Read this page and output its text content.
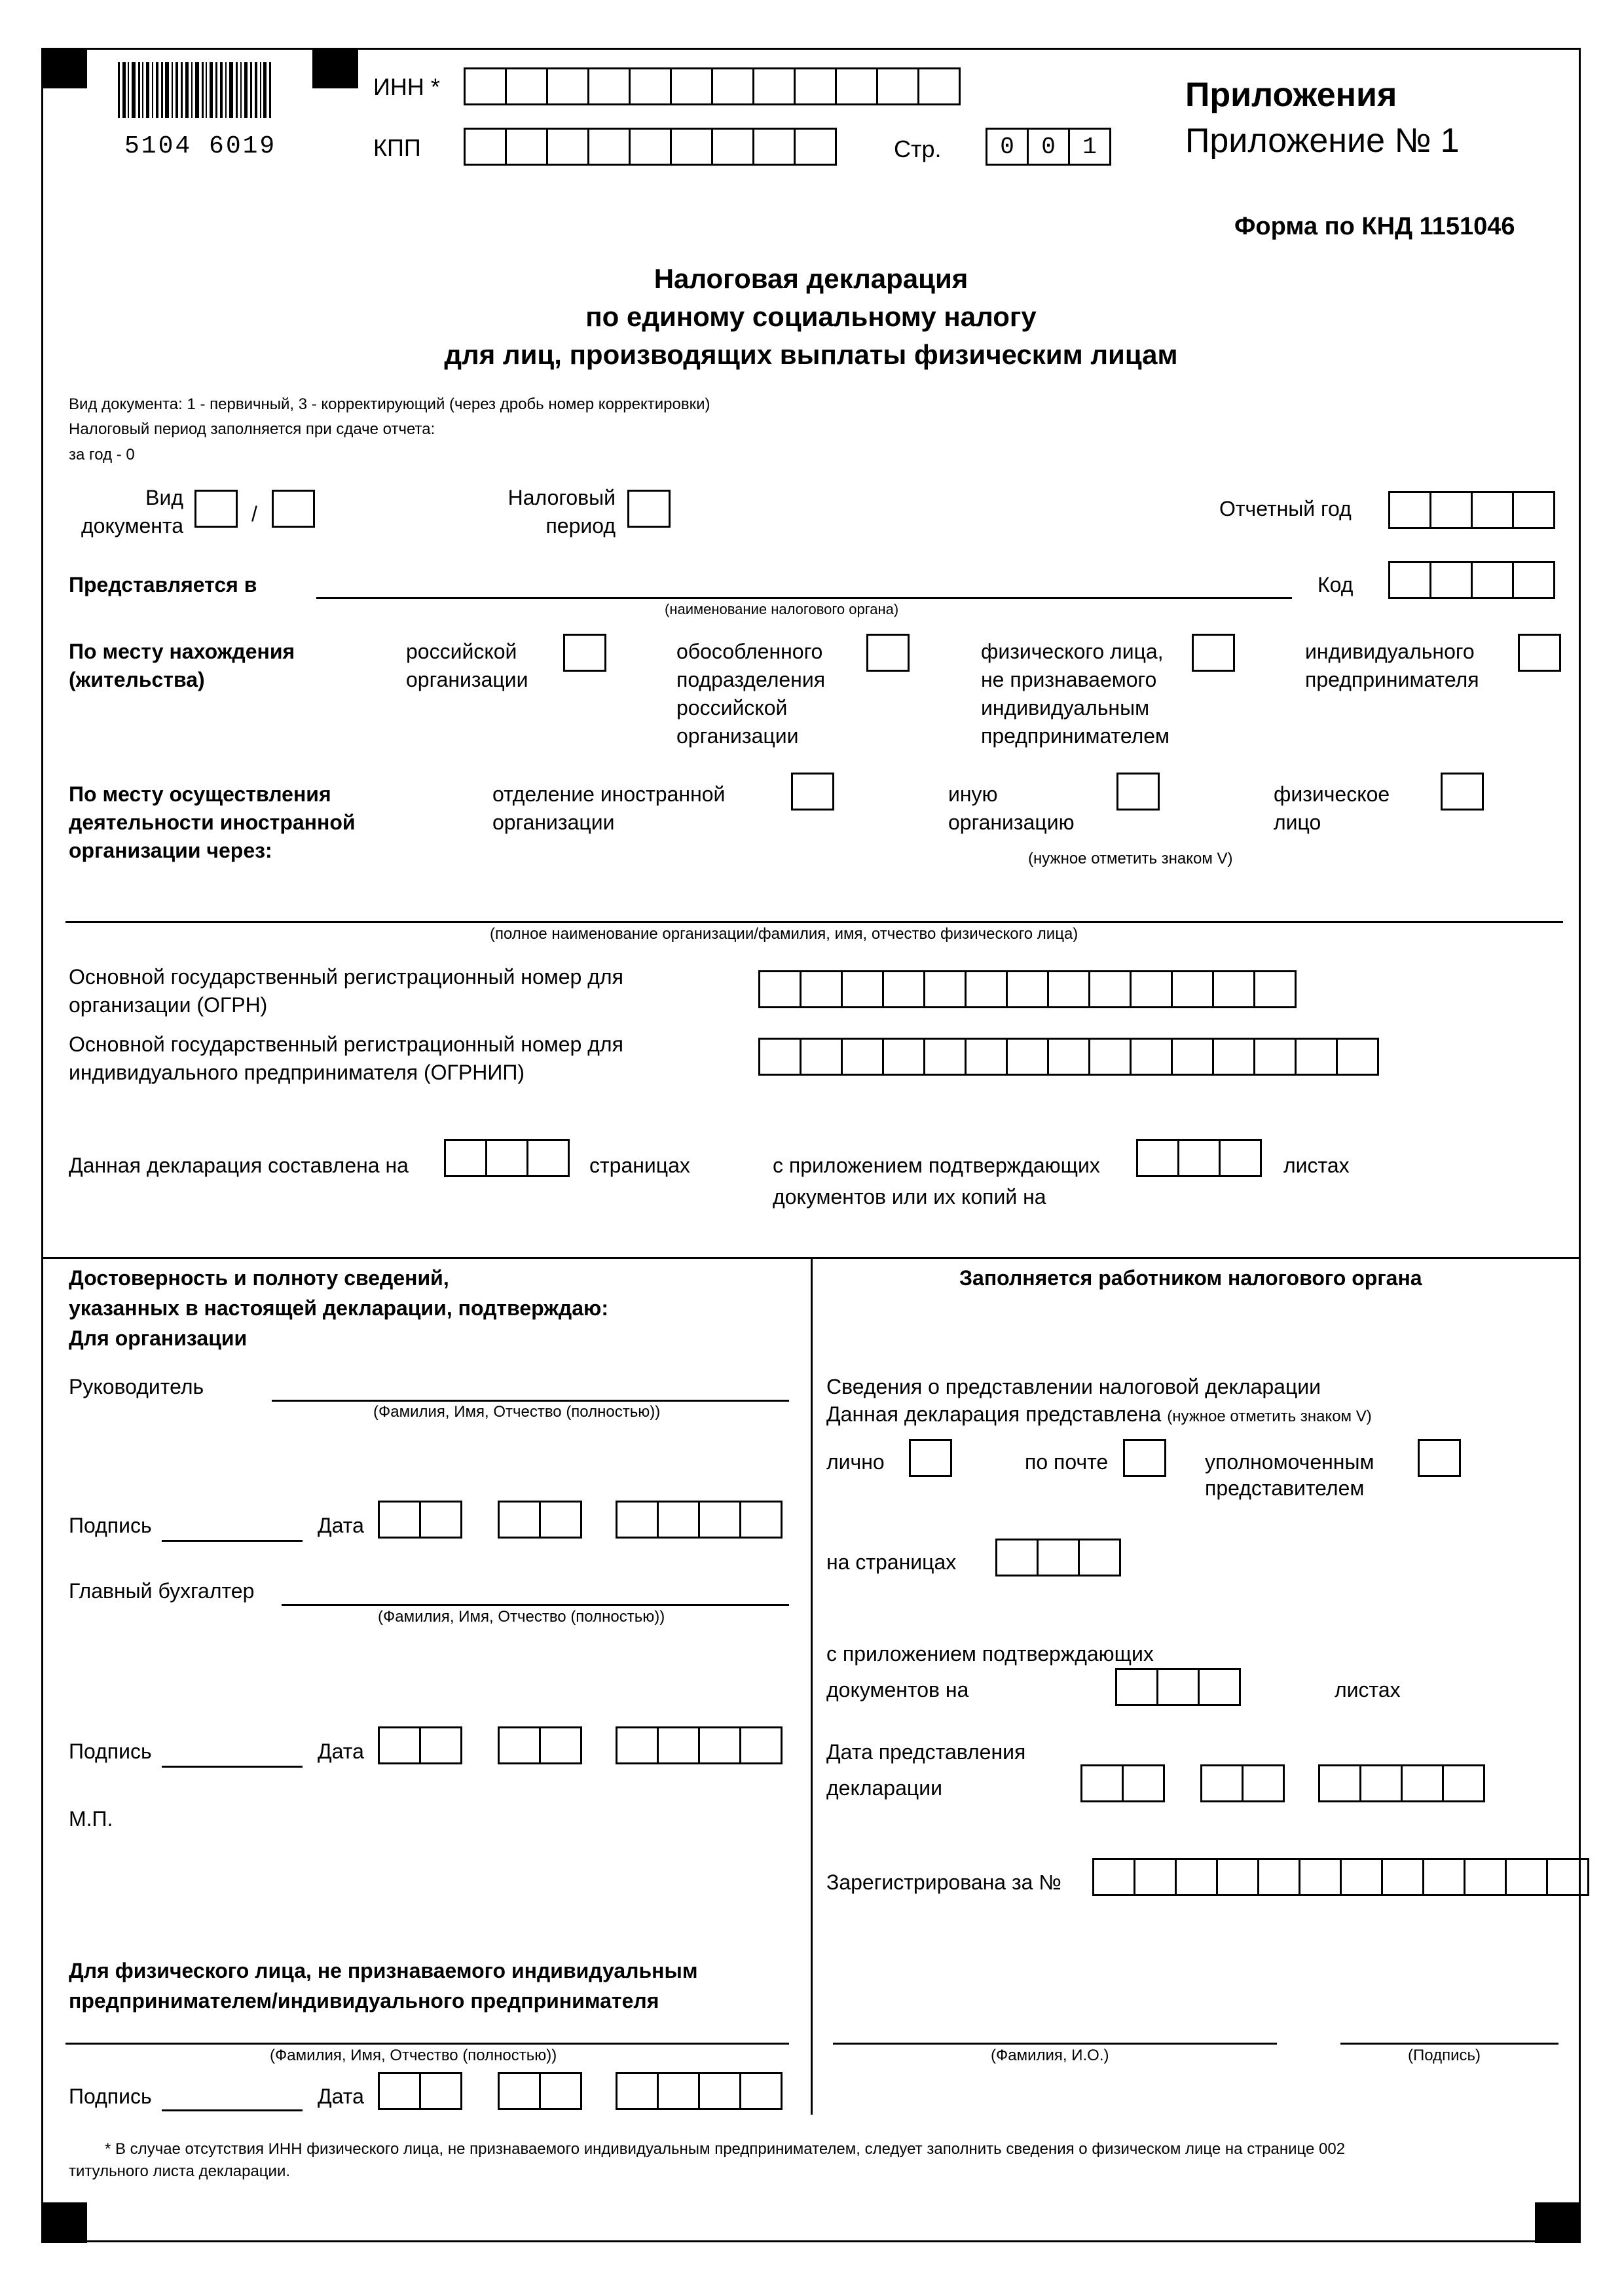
5104 6019
ИНН *
КПП	Стр.	0	0	1
Приложения
Приложение № 1
Форма по КНД 1151046
Налоговая декларация
по единому социальному налогу
для лиц, производящих выплаты физическим лицам
Вид документа: 1 - первичный, 3 - корректирующий (через дробь номер корректировки)
Налоговый период заполняется при сдаче отчета:
за год - 0
Вид
документа	/
Налоговый
период
Отчетный год
Представляется в
(наименование налогового органа)
Код
По месту нахождения
(жительства)
российской
организации
обособленного
подразделения
российской
организации
физического лица,
не признаваемого
индивидуальным
предпринимателем
индивидуального
предпринимателя
По месту осуществления
деятельности иностранной
организации через:
отделение иностранной
организации
иную
организацию
физическое
лицо
(нужное отметить знаком V)
(полное наименование организации/фамилия, имя, отчество физического лица)
Основной государственный регистрационный номер для
организации (ОГРН)
Основной государственный регистрационный номер для
индивидуального предпринимателя (ОГРНИП)
Данная декларация составлена на	страницах	с приложением подтверждающих
документов или их копий на
листах
Достоверность и полноту сведений,
указанных в настоящей декларации, подтверждаю:
Для организации
Руководитель
(Фамилия, Имя, Отчество (полностью))
Подпись	Дата
Главный бухгалтер
(Фамилия, Имя, Отчество (полностью))
Подпись	Дата
М.П.
Для физического лица, не признаваемого индивидуальным
предпринимателем/индивидуального предпринимателя
(Фамилия, Имя, Отчество (полностью))
Подпись	Дата
Заполняется работником налогового органа
Сведения о представлении налоговой декларации
Данная декларация представлена (нужное отметить знаком V)
лично	по почте	уполномоченным
представителем
на страницах
с приложением подтверждающих
документов на	листах
Дата представления
декларации
Зарегистрирована за №
(Фамилия, И.О.)	(Подпись)
* В случае отсутствия ИНН физического лица, не признаваемого индивидуальным предпринимателем, следует заполнить сведения о физическом лице на странице 002
титульного листа декларации.
